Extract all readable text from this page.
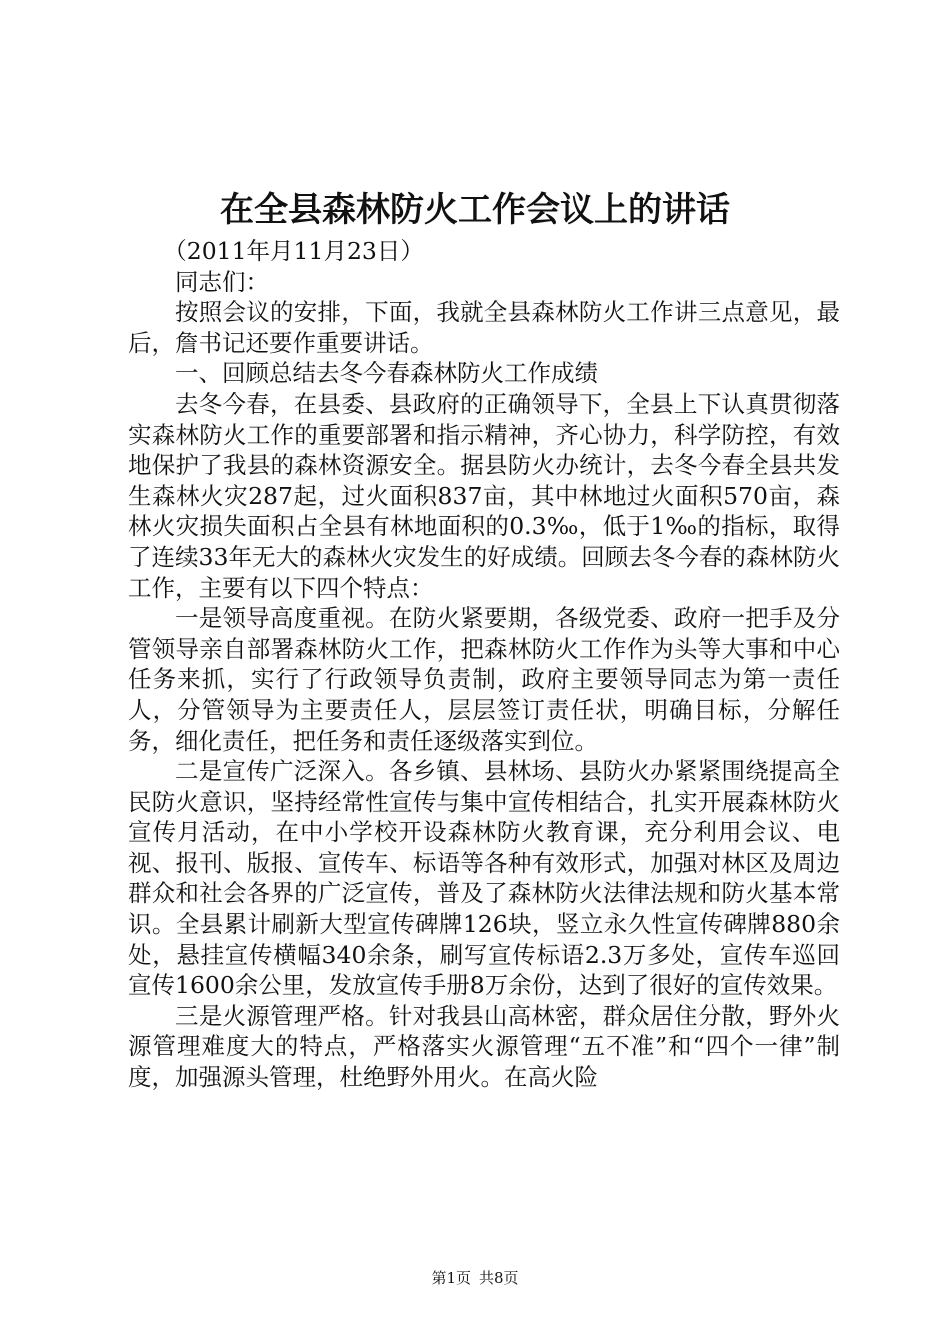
在全县森林防火工作会议上的讲话

（2011年月11月23日）

同志们：

按照会议的安排，下面，我就全县森林防火工作讲三点意见，最后，詹书记还要作重要讲话。

一、回顾总结去冬今春森林防火工作成绩

去冬今春，在县委、县政府的正确领导下，全县上下认真贯彻落实森林防火工作的重要部署和指示精神，齐心协力，科学防控，有效地保护了我县的森林资源安全。据县防火办统计，去冬今春全县共发生森林火灾287起，过火面积837亩，其中林地过火面积570亩，森林火灾损失面积占全县有林地面积的0.3‰，低于1‰的指标，取得了连续33年无大的森林火灾发生的好成绩。回顾去冬今春的森林防火工作，主要有以下四个特点：

一是领导高度重视。在防火紧要期，各级党委、政府一把手及分管领导亲自部署森林防火工作，把森林防火工作作为头等大事和中心任务来抓，实行了行政领导负责制，政府主要领导同志为第一责任人，分管领导为主要责任人，层层签订责任状，明确目标，分解任务，细化责任，把任务和责任逐级落实到位。

二是宣传广泛深入。各乡镇、县林场、县防火办紧紧围绕提高全民防火意识，坚持经常性宣传与集中宣传相结合，扎实开展森林防火宣传月活动，在中小学校开设森林防火教育课，充分利用会议、电视、报刊、版报、宣传车、标语等各种有效形式，加强对林区及周边群众和社会各界的广泛宣传，普及了森林防火法律法规和防火基本常识。全县累计刷新大型宣传碑牌126块，竖立永久性宣传碑牌880余处，悬挂宣传横幅340余条，刷写宣传标语2.3万多处，宣传车巡回宣传1600余公里，发放宣传手册8万余份，达到了很好的宣传效果。

三是火源管理严格。针对我县山高林密，群众居住分散，野外火源管理难度大的特点，严格落实火源管理“五不准”和“四个一律”制度，加强源头管理，杜绝野外用火。在高火险

第1页 共8页
